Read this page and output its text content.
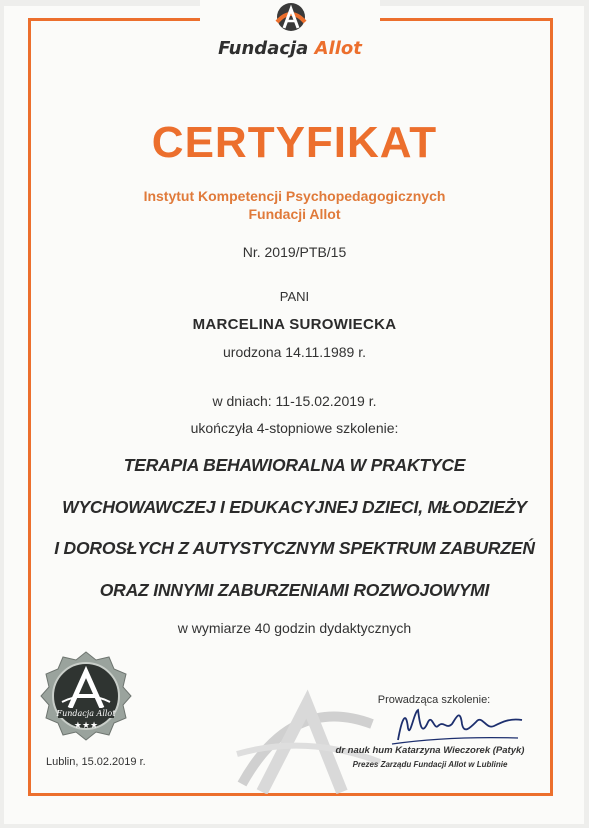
Fundacja Allot
CERTYFIKAT
Instytut Kompetencji Psychopedagogicznych
Fundacji Allot
Nr. 2019/PTB/15
PANI
MARCELINA SUROWIECKA
urodzona 14.11.1989 r.
w dniach: 11-15.02.2019 r.
ukończyła 4-stopniowe szkolenie:
TERAPIA BEHAWIORALNA W PRAKTYCE
WYCHOWAWCZEJ I EDUKACYJNEJ DZIECI, MŁODZIEŻY
I DOROSŁYCH Z AUTYSTYCZNYM SPEKTRUM ZABURZEŃ
ORAZ INNYMI ZABURZENIAMI ROZWOJOWYMI
w wymiarze 40 godzin dydaktycznych
Fundacja Allot
★★★
Lublin, 15.02.2019 r.
Prowadząca szkolenie:
dr nauk hum Katarzyna Wieczorek (Patyk)
Prezes Zarządu Fundacji Allot w Lublinie
